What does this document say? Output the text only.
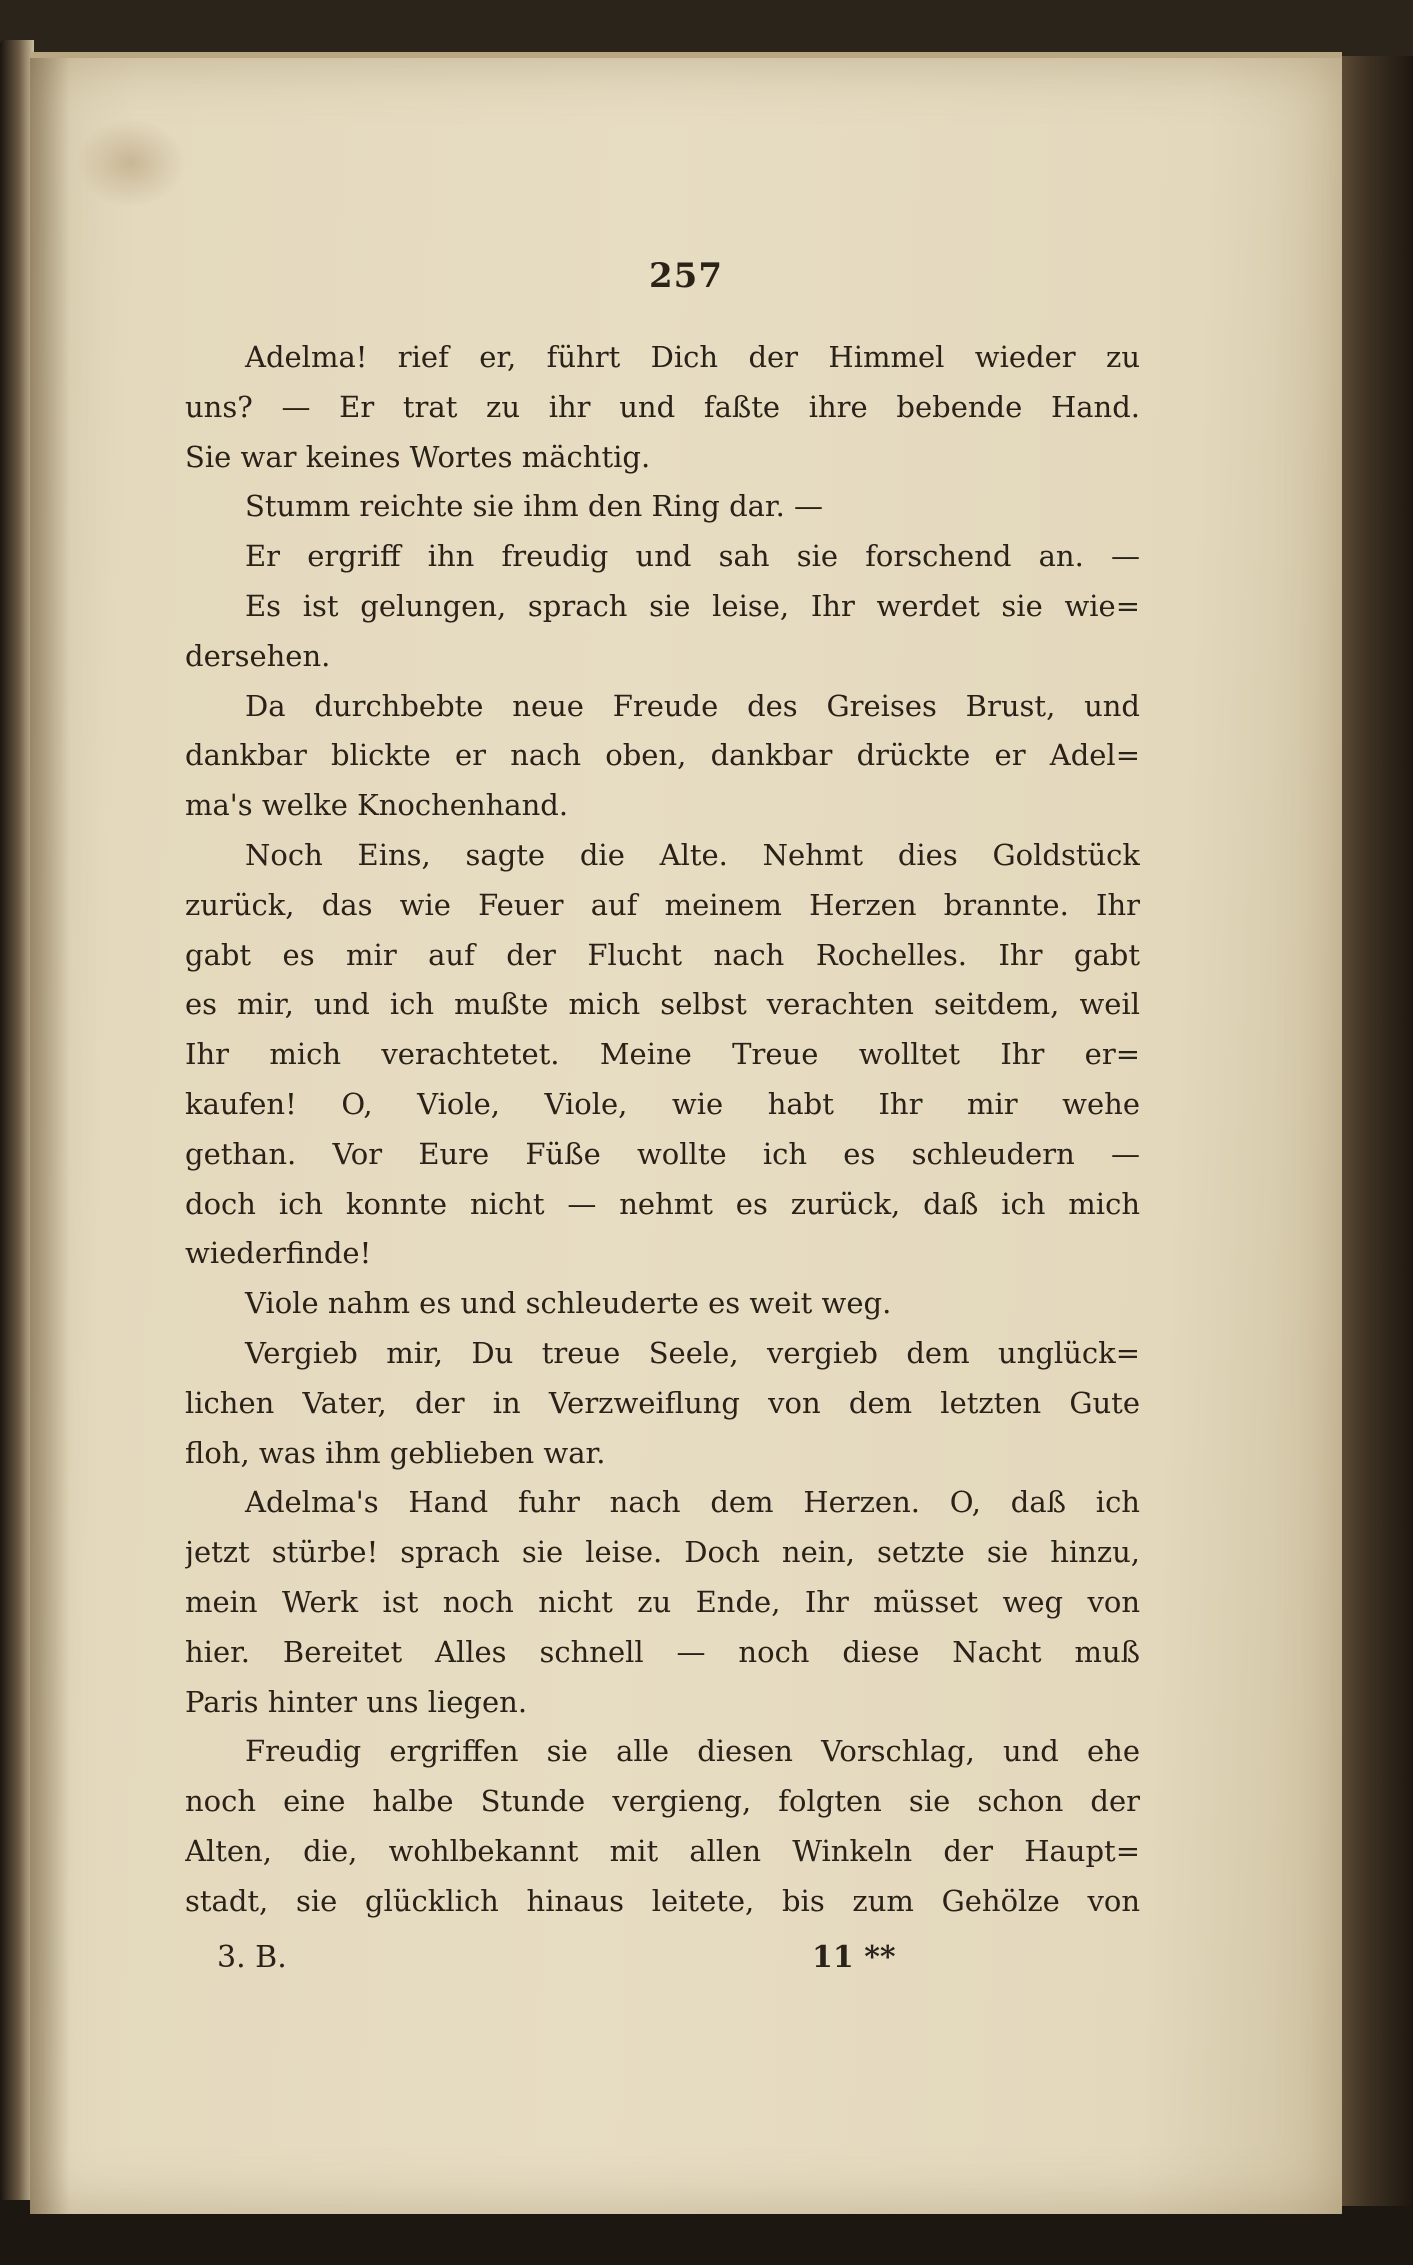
257

Adelma! rief er, führt Dich der Himmel wieder zu
uns? — Er trat zu ihr und faßte ihre bebende Hand.
Sie war keines Wortes mächtig.
Stumm reichte sie ihm den Ring dar. —
Er ergriff ihn freudig und sah sie forschend an. —
Es ist gelungen, sprach sie leise, Ihr werdet sie wie=
dersehen.
Da durchbebte neue Freude des Greises Brust, und
dankbar blickte er nach oben, dankbar drückte er Adel=
ma's welke Knochenhand.
Noch Eins, sagte die Alte. Nehmt dies Goldstück
zurück, das wie Feuer auf meinem Herzen brannte. Ihr
gabt es mir auf der Flucht nach Rochelles. Ihr gabt
es mir, und ich mußte mich selbst verachten seitdem, weil
Ihr mich verachtetet. Meine Treue wolltet Ihr er=
kaufen! O, Viole, Viole, wie habt Ihr mir wehe
gethan. Vor Eure Füße wollte ich es schleudern —
doch ich konnte nicht — nehmt es zurück, daß ich mich
wiederfinde!
Viole nahm es und schleuderte es weit weg.
Vergieb mir, Du treue Seele, vergieb dem unglück=
lichen Vater, der in Verzweiflung von dem letzten Gute
floh, was ihm geblieben war.
Adelma's Hand fuhr nach dem Herzen. O, daß ich
jetzt stürbe! sprach sie leise. Doch nein, setzte sie hinzu,
mein Werk ist noch nicht zu Ende, Ihr müsset weg von
hier. Bereitet Alles schnell — noch diese Nacht muß
Paris hinter uns liegen.
Freudig ergriffen sie alle diesen Vorschlag, und ehe
noch eine halbe Stunde vergieng, folgten sie schon der
Alten, die, wohlbekannt mit allen Winkeln der Haupt=
stadt, sie glücklich hinaus leitete, bis zum Gehölze von

3. B.	11 **
